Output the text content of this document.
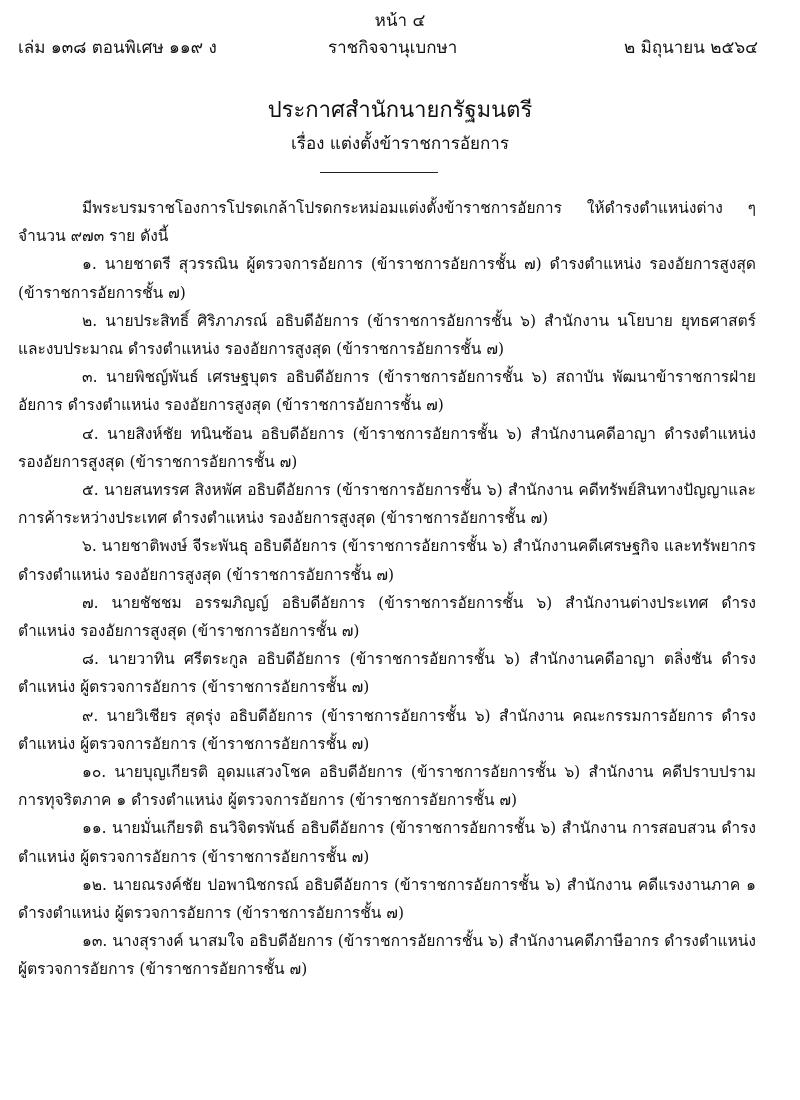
หน้า ๔
เล่ม ๑๓๘ ตอนพิเศษ ๑๑๙ ง	ราชกิจจานุเบกษา	๒ มิถุนายน ๒๕๖๔
ประกาศสำนักนายกรัฐมนตรี
เรื่อง แต่งตั้งข้าราชการอัยการ

มีพระบรมราชโองการโปรดเกล้าโปรดกระหม่อมแต่งตั้งข้าราชการอัยการ ให้ดำรงตำแหน่งต่าง ๆ จำนวน ๙๗๓ ราย ดังนี้

๑. นายชาตรี สุวรรณิน ผู้ตรวจการอัยการ (ข้าราชการอัยการชั้น ๗) ดำรงตำแหน่ง รองอัยการสูงสุด (ข้าราชการอัยการชั้น ๗)

๒. นายประสิทธิ์ ศิริภาภรณ์ อธิบดีอัยการ (ข้าราชการอัยการชั้น ๖) สำนักงาน นโยบาย ยุทธศาสตร์ และงบประมาณ ดำรงตำแหน่ง รองอัยการสูงสุด (ข้าราชการอัยการชั้น ๗)

๓. นายพิชญ์พันธ์ เศรษฐบุตร อธิบดีอัยการ (ข้าราชการอัยการชั้น ๖) สถาบัน พัฒนาข้าราชการฝ่ายอัยการ ดำรงตำแหน่ง รองอัยการสูงสุด (ข้าราชการอัยการชั้น ๗)

๔. นายสิงห์ชัย ทนินซ้อน อธิบดีอัยการ (ข้าราชการอัยการชั้น ๖) สำนักงานคดีอาญา ดำรงตำแหน่ง รองอัยการสูงสุด (ข้าราชการอัยการชั้น ๗)

๕. นายสนทรรศ สิงหพัศ อธิบดีอัยการ (ข้าราชการอัยการชั้น ๖) สำนักงาน คดีทรัพย์สินทางปัญญาและการค้าระหว่างประเทศ ดำรงตำแหน่ง รองอัยการสูงสุด (ข้าราชการอัยการชั้น ๗)

๖. นายชาติพงษ์ จีระพันธุ อธิบดีอัยการ (ข้าราชการอัยการชั้น ๖) สำนักงานคดีเศรษฐกิจ และทรัพยากร ดำรงตำแหน่ง รองอัยการสูงสุด (ข้าราชการอัยการชั้น ๗)

๗. นายชัชชม อรรฆภิญญ์ อธิบดีอัยการ (ข้าราชการอัยการชั้น ๖) สำนักงานต่างประเทศ ดำรงตำแหน่ง รองอัยการสูงสุด (ข้าราชการอัยการชั้น ๗)

๘. นายวาทิน ศรีตระกูล อธิบดีอัยการ (ข้าราชการอัยการชั้น ๖) สำนักงานคดีอาญา ตลิ่งชัน ดำรงตำแหน่ง ผู้ตรวจการอัยการ (ข้าราชการอัยการชั้น ๗)

๙. นายวิเชียร สุดรุ่ง อธิบดีอัยการ (ข้าราชการอัยการชั้น ๖) สำนักงาน คณะกรรมการอัยการ ดำรงตำแหน่ง ผู้ตรวจการอัยการ (ข้าราชการอัยการชั้น ๗)

๑๐. นายบุญเกียรติ อุดมแสวงโชค อธิบดีอัยการ (ข้าราชการอัยการชั้น ๖) สำนักงาน คดีปราบปรามการทุจริตภาค ๑ ดำรงตำแหน่ง ผู้ตรวจการอัยการ (ข้าราชการอัยการชั้น ๗)

๑๑. นายมั่นเกียรติ ธนวิจิตรพันธ์ อธิบดีอัยการ (ข้าราชการอัยการชั้น ๖) สำนักงาน การสอบสวน ดำรงตำแหน่ง ผู้ตรวจการอัยการ (ข้าราชการอัยการชั้น ๗)

๑๒. นายณรงค์ชัย ปอพานิชกรณ์ อธิบดีอัยการ (ข้าราชการอัยการชั้น ๖) สำนักงาน คดีแรงงานภาค ๑ ดำรงตำแหน่ง ผู้ตรวจการอัยการ (ข้าราชการอัยการชั้น ๗)

๑๓. นางสุรางค์ นาสมใจ อธิบดีอัยการ (ข้าราชการอัยการชั้น ๖) สำนักงานคดีภาษีอากร ดำรงตำแหน่ง ผู้ตรวจการอัยการ (ข้าราชการอัยการชั้น ๗)
